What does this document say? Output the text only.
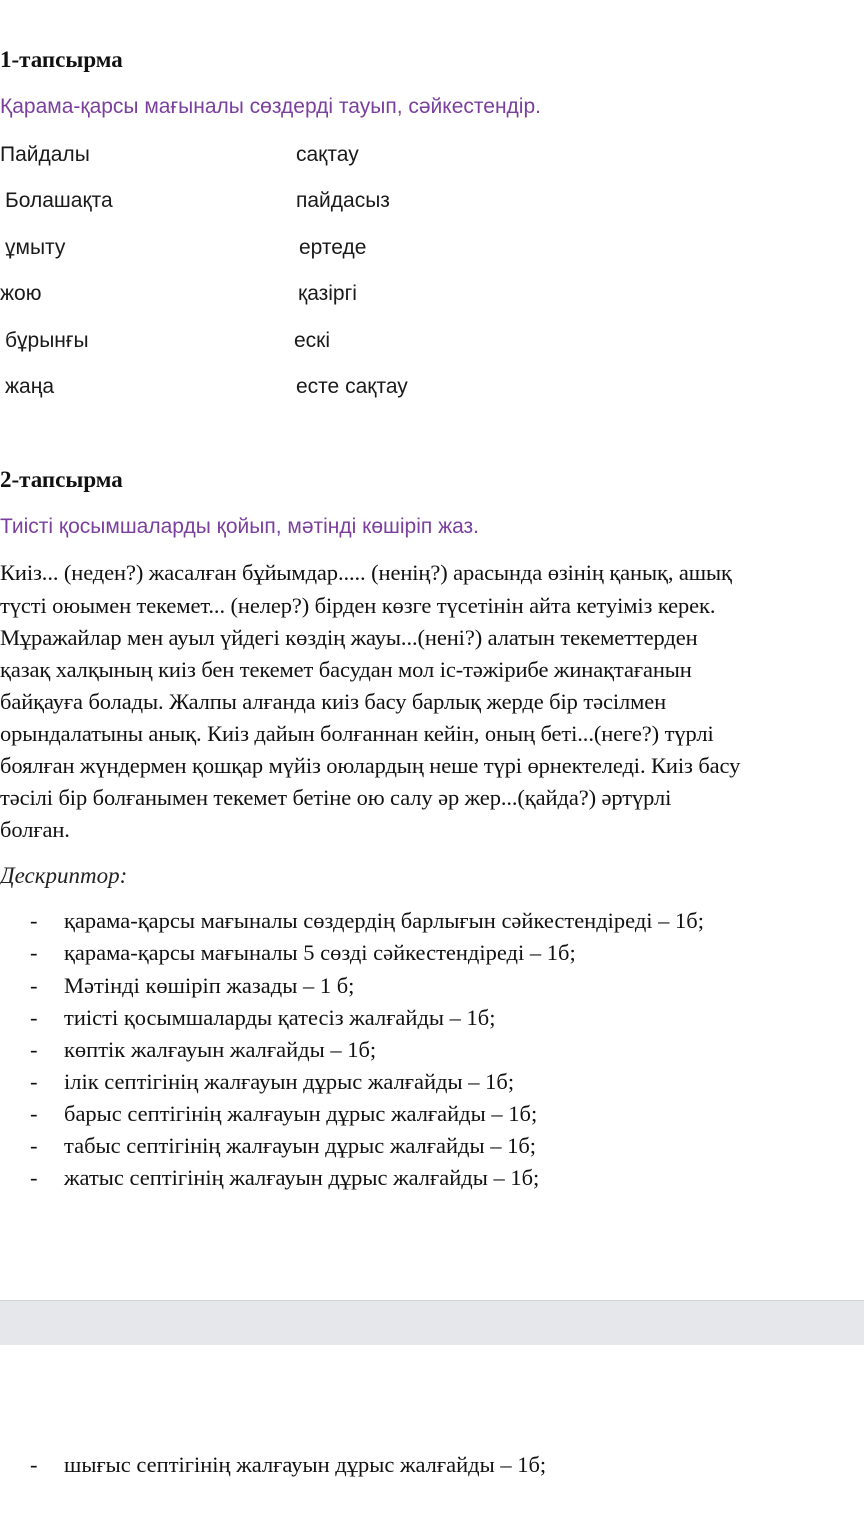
1-тапсырма
Қарама-қарсы мағыналы сөздерді тауып, сәйкестендір.
Пайдалы	сақтау
Болашақта	пайдасыз
ұмыту	ертеде
жою	қазіргі
бұрынғы	ескі
жаңа	есте сақтау
2-тапсырма
Тиісті қосымшаларды қойып, мәтінді көшіріп жаз.
Киіз... (неден?) жасалған бұйымдар..... (ненің?) арасында өзінің қанық, ашық
түсті оюымен текемет... (нелер?) бірден көзге түсетінін айта кетуіміз керек.
Мұражайлар мен ауыл үйдегі көздің жауы...(нені?) алатын текеметтерден
қазақ халқының киіз бен текемет басудан мол іс-тәжірибе жинақтағанын
байқауға болады. Жалпы алғанда киіз басу барлық жерде бір тәсілмен
орындалатыны анық. Киіз дайын болғаннан кейін, оның беті...(неге?) түрлі
боялған жүндермен қошқар мүйіз оюлардың неше түрі өрнектеледі. Киіз басу
тәсілі бір болғанымен текемет бетіне ою салу әр жер...(қайда?) әртүрлі
болған.
Дескриптор:
- қарама-қарсы мағыналы сөздердің барлығын сәйкестендіреді – 1б;
- қарама-қарсы мағыналы 5 сөзді сәйкестендіреді – 1б;
- Мәтінді көшіріп жазады – 1 б;
- тиісті қосымшаларды қатесіз жалғайды – 1б;
- көптік жалғауын жалғайды – 1б;
- ілік септігінің жалғауын дұрыс жалғайды – 1б;
- барыс септігінің жалғауын дұрыс жалғайды – 1б;
- табыс септігінің жалғауын дұрыс жалғайды – 1б;
- жатыс септігінің жалғауын дұрыс жалғайды – 1б;
- шығыс септігінің жалғауын дұрыс жалғайды – 1б;
